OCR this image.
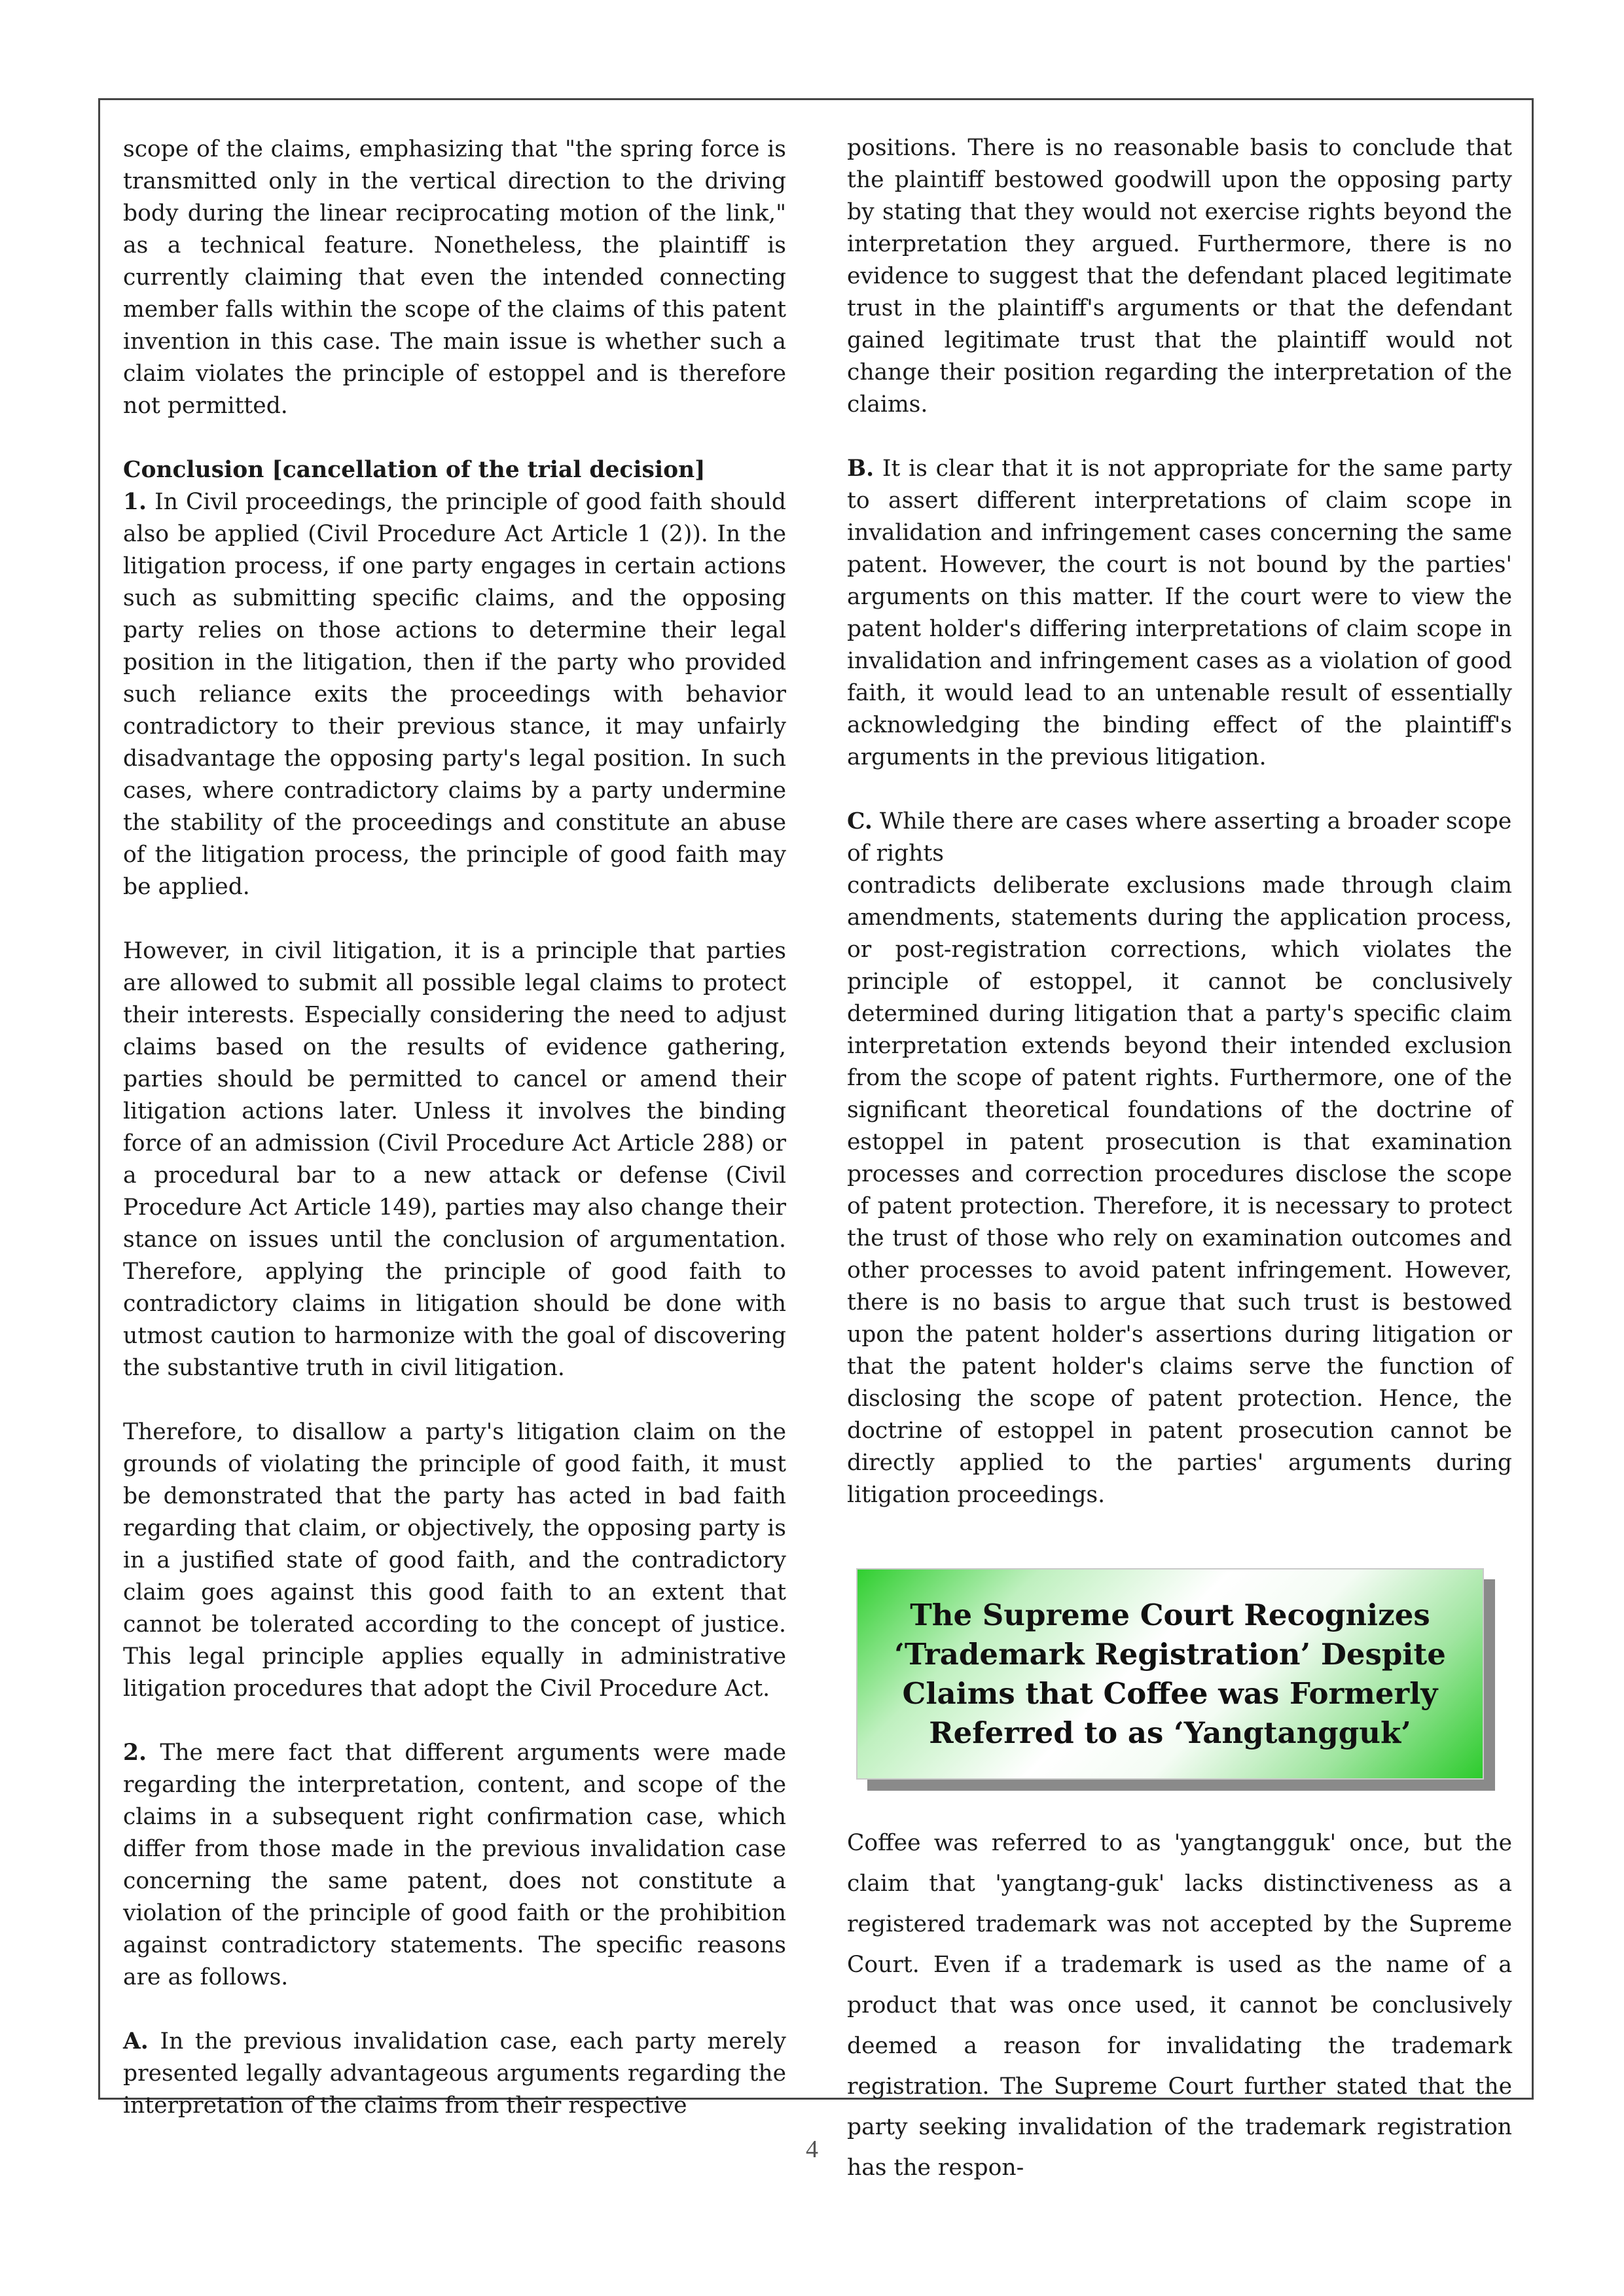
scope of the claims, emphasizing that "the spring force is transmitted only in the vertical direction to the driving body during the linear reciprocating motion of the link," as a technical feature. Nonetheless, the plaintiff is currently claiming that even the intended connecting member falls within the scope of the claims of this patent invention in this case. The main issue is whether such a claim violates the principle of estoppel and is therefore not permitted.

Conclusion [cancellation of the trial decision]

1. In Civil proceedings, the principle of good faith should also be applied (Civil Procedure Act Article 1 (2)). In the litigation process, if one party engages in certain actions such as submitting specific claims, and the opposing party relies on those actions to determine their legal position in the litigation, then if the party who provided such reliance exits the proceedings with behavior contradictory to their previous stance, it may unfairly disadvantage the opposing party's legal position. In such cases, where contradictory claims by a party undermine the stability of the proceedings and constitute an abuse of the litigation process, the principle of good faith may be applied.

However, in civil litigation, it is a principle that parties are allowed to submit all possible legal claims to protect their interests. Especially considering the need to adjust claims based on the results of evidence gathering, parties should be permitted to cancel or amend their litigation actions later. Unless it involves the binding force of an admission (Civil Procedure Act Article 288) or a procedural bar to a new attack or defense (Civil Procedure Act Article 149), parties may also change their stance on issues until the conclusion of argumentation. Therefore, applying the principle of good faith to contradictory claims in litigation should be done with utmost caution to harmonize with the goal of discovering the substantive truth in civil litigation.

Therefore, to disallow a party's litigation claim on the grounds of violating the principle of good faith, it must be demonstrated that the party has acted in bad faith regarding that claim, or objectively, the opposing party is in a justified state of good faith, and the contradictory claim goes against this good faith to an extent that cannot be tolerated according to the concept of justice. This legal principle applies equally in administrative litigation procedures that adopt the Civil Procedure Act.

2. The mere fact that different arguments were made regarding the interpretation, content, and scope of the claims in a subsequent right confirmation case, which differ from those made in the previous invalidation case concerning the same patent, does not constitute a violation of the principle of good faith or the prohibition against contradictory statements. The specific reasons are as follows.

A. In the previous invalidation case, each party merely presented legally advantageous arguments regarding the interpretation of the claims from their respective

positions. There is no reasonable basis to conclude that the plaintiff bestowed goodwill upon the opposing party by stating that they would not exercise rights beyond the interpretation they argued. Furthermore, there is no evidence to suggest that the defendant placed legitimate trust in the plaintiff's arguments or that the defendant gained legitimate trust that the plaintiff would not change their position regarding the interpretation of the claims.

B. It is clear that it is not appropriate for the same party to assert different interpretations of claim scope in invalidation and infringement cases concerning the same patent. However, the court is not bound by the parties' arguments on this matter. If the court were to view the patent holder's differing interpretations of claim scope in invalidation and infringement cases as a violation of good faith, it would lead to an untenable result of essentially acknowledging the binding effect of the plaintiff's arguments in the previous litigation.

C. While there are cases where asserting a broader scope of rights

contradicts deliberate exclusions made through claim amendments, statements during the application process, or post-registration corrections, which violates the principle of estoppel, it cannot be conclusively determined during litigation that a party's specific claim interpretation extends beyond their intended exclusion from the scope of patent rights. Furthermore, one of the significant theoretical foundations of the doctrine of estoppel in patent prosecution is that examination processes and correction procedures disclose the scope of patent protection. Therefore, it is necessary to protect the trust of those who rely on examination outcomes and other processes to avoid patent infringement. However, there is no basis to argue that such trust is bestowed upon the patent holder's assertions during litigation or that the patent holder's claims serve the function of disclosing the scope of patent protection. Hence, the doctrine of estoppel in patent prosecution cannot be directly applied to the parties' arguments during litigation proceedings.

The Supreme Court Recognizes ‘Trademark Registration’ Despite Claims that Coffee was Formerly Referred to as ‘Yangtangguk’

Coffee was referred to as 'yangtangguk' once, but the claim that 'yangtang-guk' lacks distinctiveness as a registered trademark was not accepted by the Supreme Court. Even if a trademark is used as the name of a product that was once used, it cannot be conclusively deemed a reason for invalidating the trademark registration. The Supreme Court further stated that the party seeking invalidation of the trademark registration has the respon-

4
